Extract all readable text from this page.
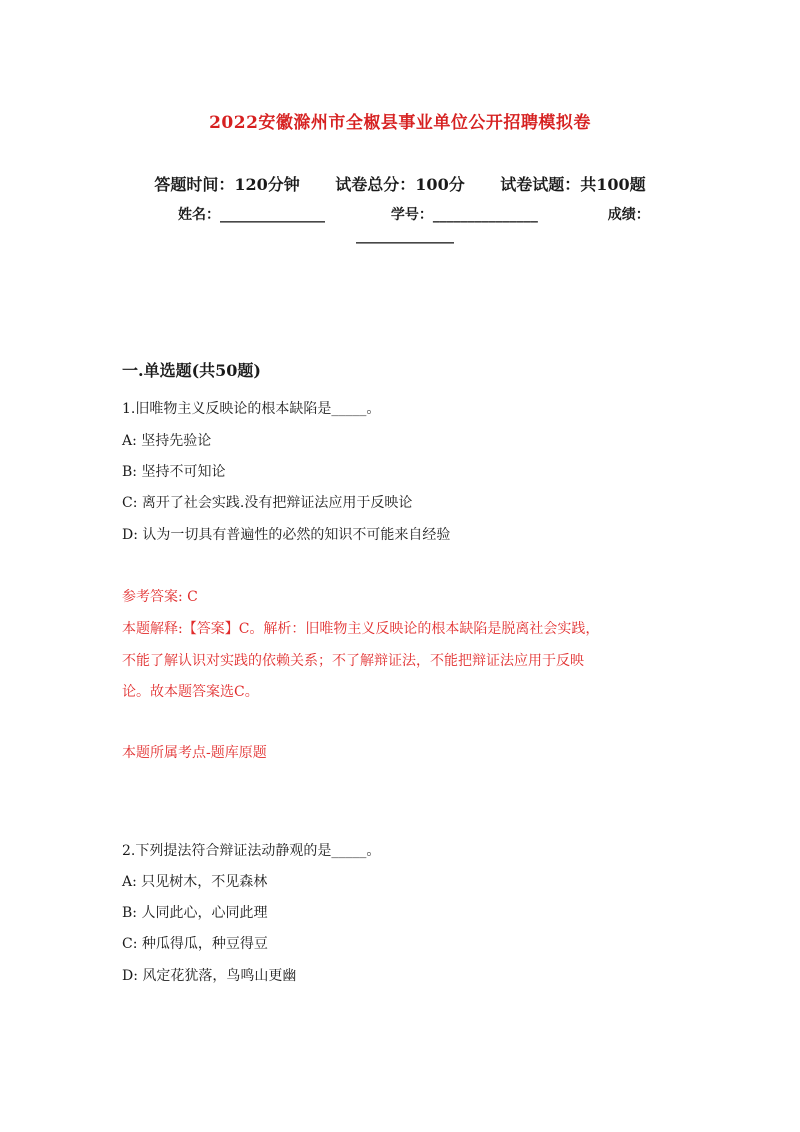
2022安徽滁州市全椒县事业单位公开招聘模拟卷
答题时间：120分钟 试卷总分：100分 试卷试题：共100题
姓名：_______________	学号：_______________	成绩：
______________
一.单选题(共50题)
1.旧唯物主义反映论的根本缺陷是_____。
A: 坚持先验论
B: 坚持不可知论
C: 离开了社会实践.没有把辩证法应用于反映论
D: 认为一切具有普遍性的必然的知识不可能来自经验
参考答案: C
本题解释:【答案】C。解析：旧唯物主义反映论的根本缺陷是脱离社会实践，
不能了解认识对实践的依赖关系；不了解辩证法，不能把辩证法应用于反映
论。故本题答案选C。
本题所属考点-题库原题
2.下列提法符合辩证法动静观的是_____。
A: 只见树木，不见森林
B: 人同此心，心同此理
C: 种瓜得瓜，种豆得豆
D: 风定花犹落，鸟鸣山更幽
